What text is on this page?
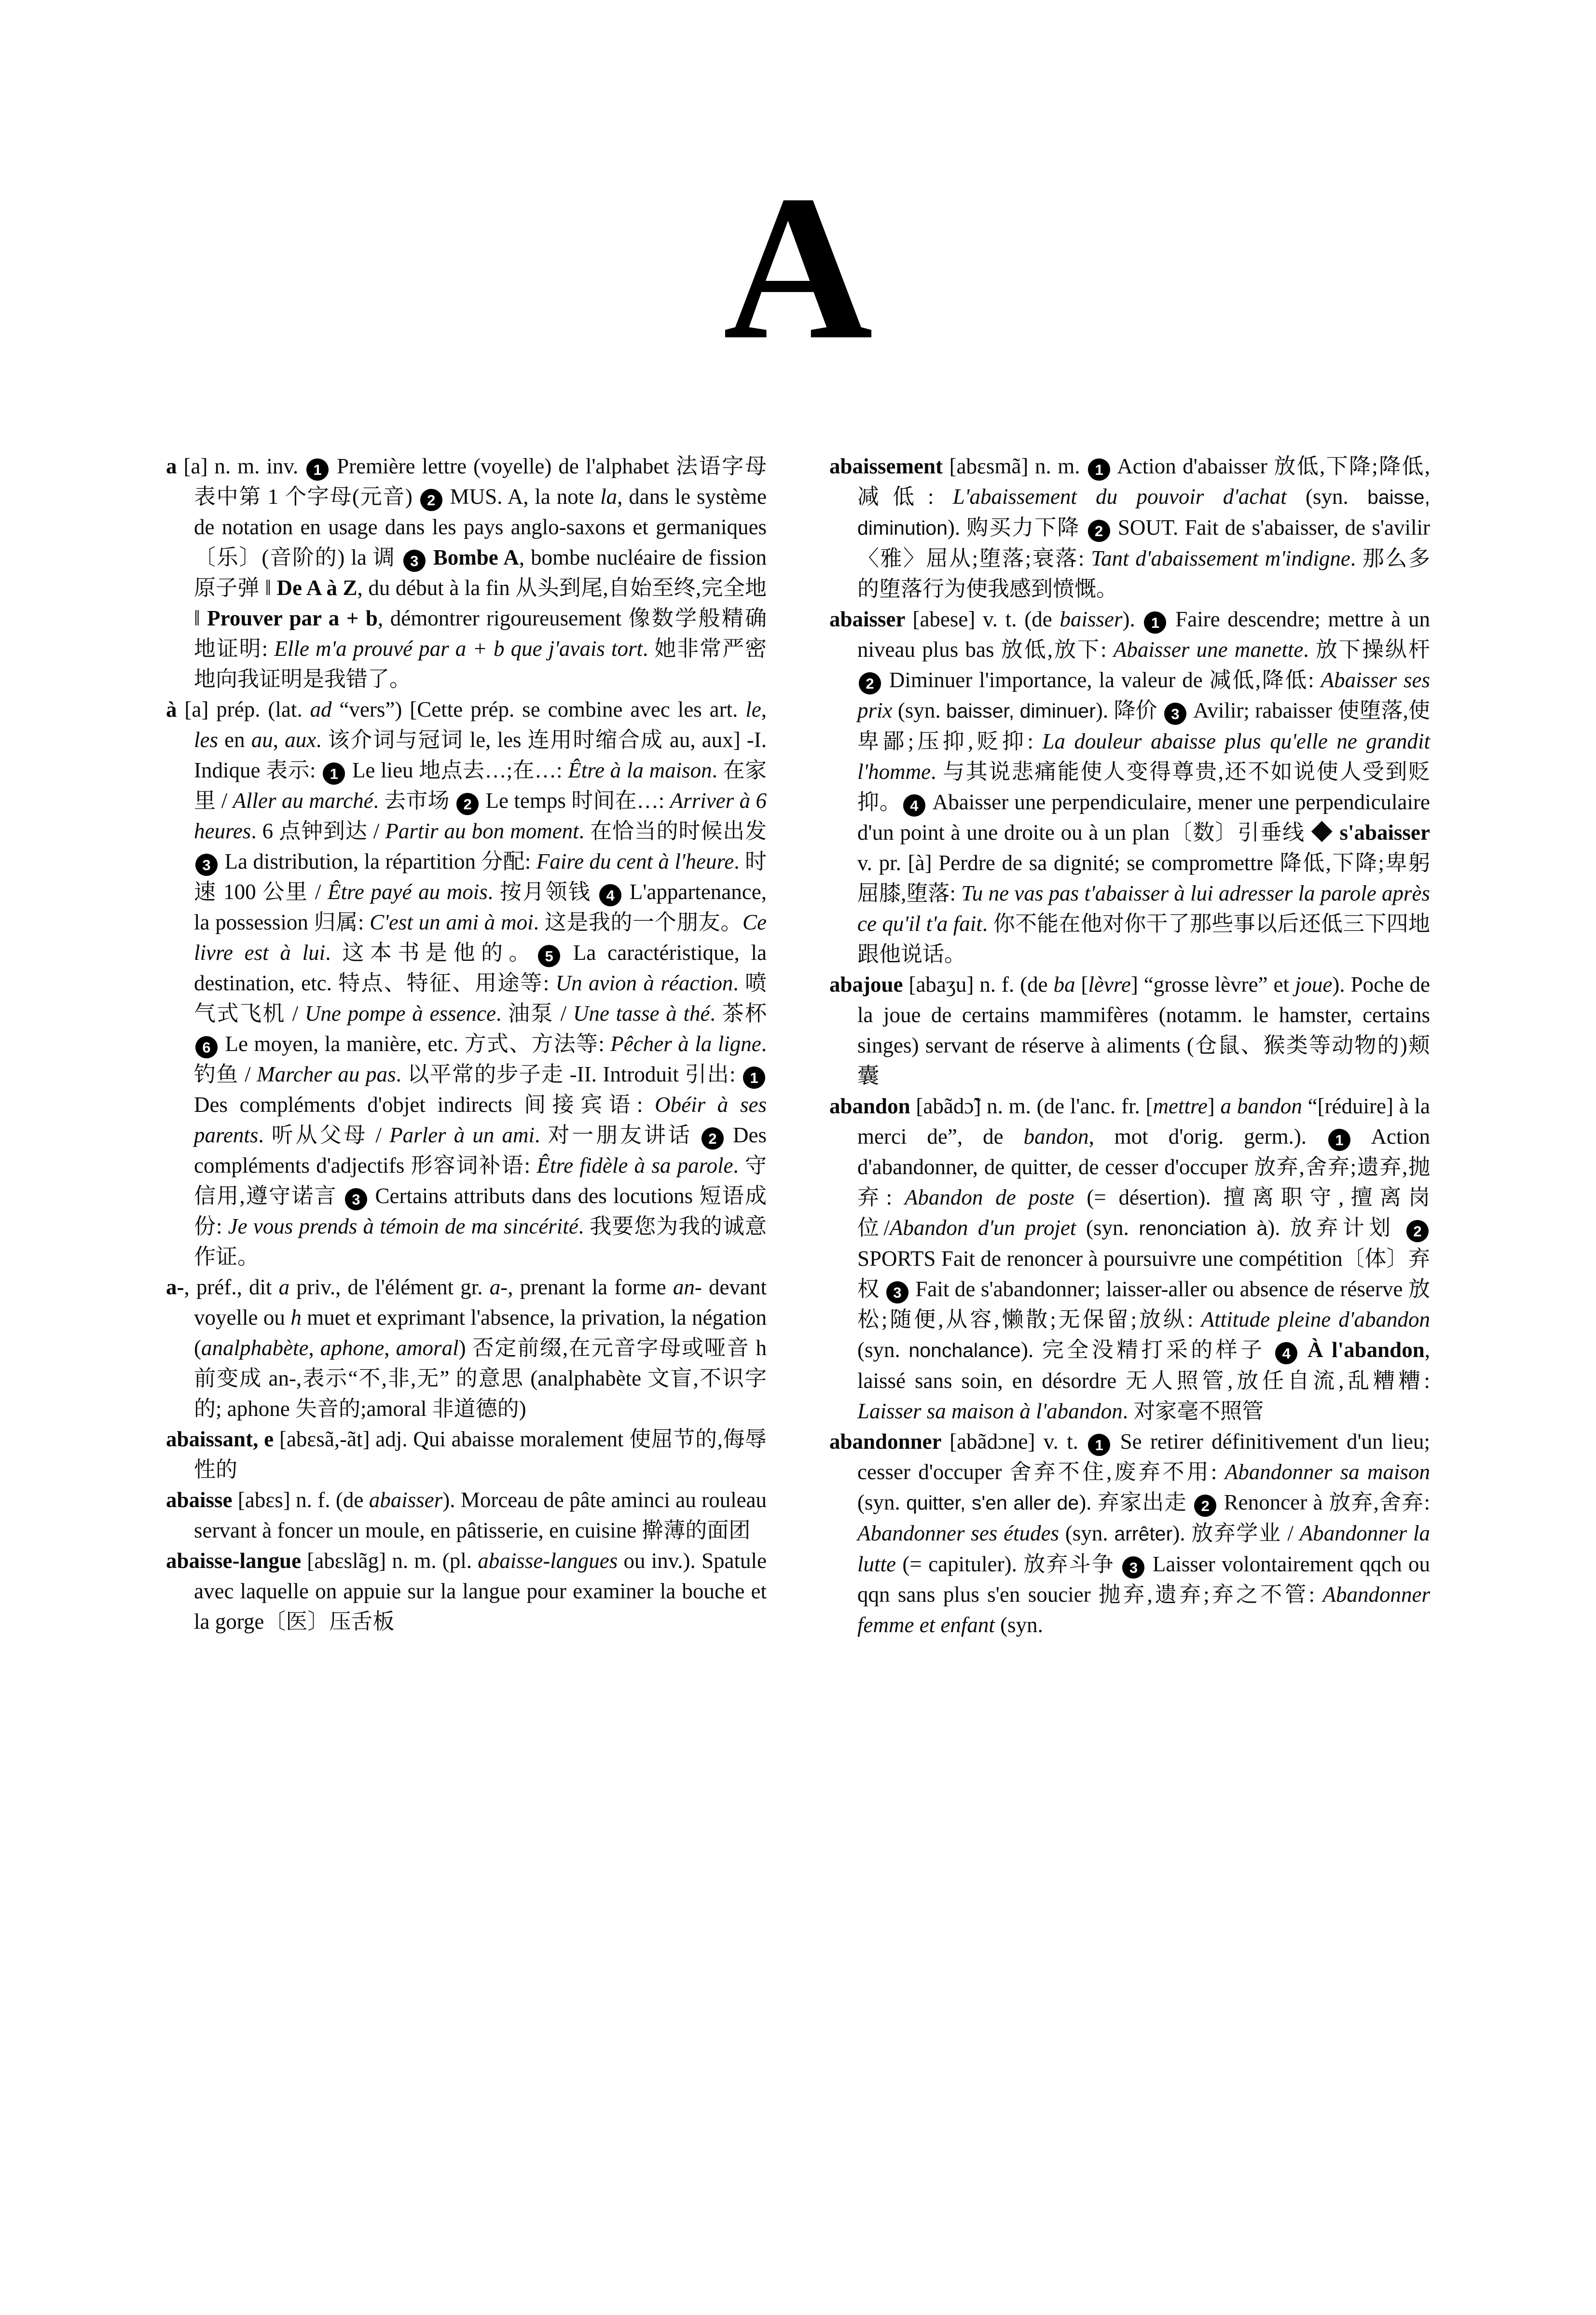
A

a [a] n. m. inv. 1 Première lettre (voyelle) de l'alphabet 法语字母表中第 1 个字母(元音) 2 MUS. A, la note la, dans le système de notation en usage dans les pays anglo-saxons et germaniques 〔乐〕(音阶的) la 调 3 Bombe A, bombe nucléaire de fission 原子弹 ‖ De A à Z, du début à la fin 从头到尾,自始至终,完全地 ‖ Prouver par a + b, démontrer rigoureusement 像数学般精确地证明: Elle m'a prouvé par a + b que j'avais tort. 她非常严密地向我证明是我错了。

à [a] prép. (lat. ad “vers”) [Cette prép. se combine avec les art. le, les en au, aux. 该介词与冠词 le, les 连用时缩合成 au, aux] -I. Indique 表示: 1 Le lieu 地点去…;在…: Être à la maison. 在家里 / Aller au marché. 去市场 2 Le temps 时间在…: Arriver à 6 heures. 6 点钟到达 / Partir au bon moment. 在恰当的时候出发 3 La distribution, la répartition 分配: Faire du cent à l'heure. 时速 100 公里 / Être payé au mois. 按月领钱 4 L'appartenance, la possession 归属: C'est un ami à moi. 这是我的一个朋友。Ce livre est à lui. 这本书是他的。 5 La caractéristique, la destination, etc. 特点、特征、用途等: Un avion à réaction. 喷气式飞机 / Une pompe à essence. 油泵 / Une tasse à thé. 茶杯 6 Le moyen, la manière, etc. 方式、方法等: Pêcher à la ligne. 钓鱼 / Marcher au pas. 以平常的步子走 -II. Introduit 引出: 1 Des compléments d'objet indirects 间接宾语: Obéir à ses parents. 听从父母 / Parler à un ami. 对一朋友讲话 2 Des compléments d'adjectifs 形容词补语: Être fidèle à sa parole. 守信用,遵守诺言 3 Certains attributs dans des locutions 短语成份: Je vous prends à témoin de ma sincérité. 我要您为我的诚意作证。

a-, préf., dit a priv., de l'élément gr. a-, prenant la forme an- devant voyelle ou h muet et exprimant l'absence, la privation, la négation (analphabète, aphone, amoral) 否定前缀,在元音字母或哑音 h 前变成 an-,表示“不,非,无” 的意思 (analphabète 文盲,不识字的; aphone 失音的;amoral 非道德的)

abaissant, e [abɛsã,-ãt] adj. Qui abaisse moralement 使屈节的,侮辱性的

abaisse [abɛs] n. f. (de abaisser). Morceau de pâte aminci au rouleau servant à foncer un moule, en pâtisserie, en cuisine 擀薄的面团

abaisse-langue [abɛslãg] n. m. (pl. abaisse-langues ou inv.). Spatule avec laquelle on appuie sur la langue pour examiner la bouche et la gorge〔医〕压舌板

abaissement [abɛsmã] n. m. 1 Action d'abaisser 放低,下降;降低,减低: L'abaissement du pouvoir d'achat (syn. baisse, diminution). 购买力下降 2 SOUT. Fait de s'abaisser, de s'avilir〈雅〉屈从;堕落;衰落: Tant d'abaissement m'indigne. 那么多的堕落行为使我感到愤慨。

abaisser [abese] v. t. (de baisser). 1 Faire descendre; mettre à un niveau plus bas 放低,放下: Abaisser une manette. 放下操纵杆 2 Diminuer l'importance, la valeur de 减低,降低: Abaisser ses prix (syn. baisser, diminuer). 降价 3 Avilir; rabaisser 使堕落,使卑鄙;压抑,贬抑: La douleur abaisse plus qu'elle ne grandit l'homme. 与其说悲痛能使人变得尊贵,还不如说使人受到贬抑。 4 Abaisser une perpendiculaire, mener une perpendiculaire d'un point à une droite ou à un plan〔数〕引垂线 ◆ s'abaisser v. pr. [à] Perdre de sa dignité; se compromettre 降低,下降;卑躬屈膝,堕落: Tu ne vas pas t'abaisser à lui adresser la parole après ce qu'il t'a fait. 你不能在他对你干了那些事以后还低三下四地跟他说话。

abajoue [abaʒu] n. f. (de ba [lèvre] “grosse lèvre” et joue). Poche de la joue de certains mammifères (notamm. le hamster, certains singes) servant de réserve à aliments (仓鼠、猴类等动物的)颊囊

abandon [abãdɔ̃] n. m. (de l'anc. fr. [mettre] a bandon “[réduire] à la merci de”, de bandon, mot d'orig. germ.). 1 Action d'abandonner, de quitter, de cesser d'occuper 放弃,舍弃;遗弃,抛弃: Abandon de poste (= désertion). 擅离职守,擅离岗位/Abandon d'un projet (syn. renonciation à). 放弃计划 2 SPORTS Fait de renoncer à poursuivre une compétition〔体〕弃权 3 Fait de s'abandonner; laisser-aller ou absence de réserve 放松;随便,从容,懒散;无保留;放纵: Attitude pleine d'abandon (syn. nonchalance). 完全没精打采的样子 4 À l'abandon, laissé sans soin, en désordre 无人照管,放任自流,乱糟糟: Laisser sa maison à l'abandon. 对家毫不照管

abandonner [abãdɔne] v. t. 1 Se retirer définitivement d'un lieu; cesser d'occuper 舍弃不住,废弃不用: Abandonner sa maison (syn. quitter, s'en aller de). 弃家出走 2 Renoncer à 放弃,舍弃: Abandonner ses études (syn. arrêter). 放弃学业 / Abandonner la lutte (= capituler). 放弃斗争 3 Laisser volontairement qqch ou qqn sans plus s'en soucier 抛弃,遗弃;弃之不管: Abandonner femme et enfant (syn.
